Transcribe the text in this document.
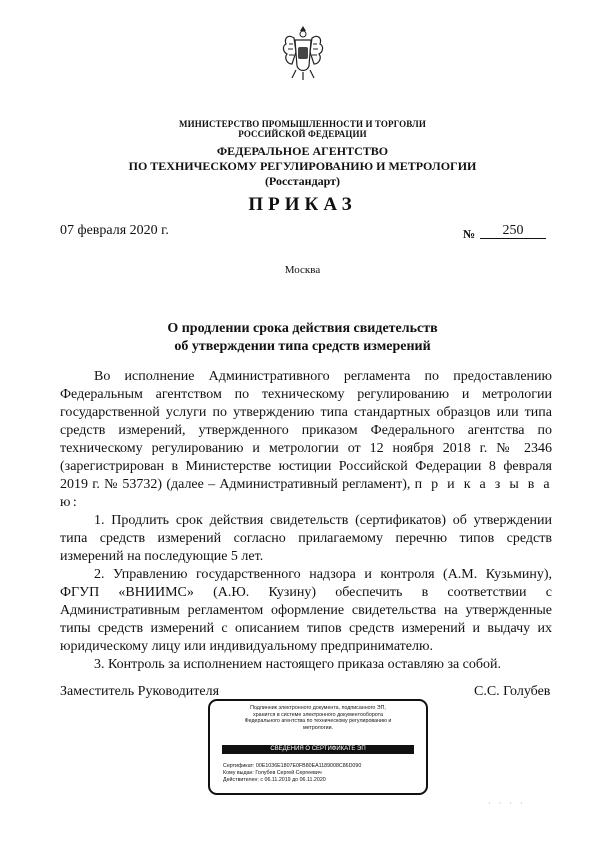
МИНИСТЕРСТВО ПРОМЫШЛЕННОСТИ И ТОРГОВЛИ
РОССИЙСКОЙ ФЕДЕРАЦИИ
ФЕДЕРАЛЬНОЕ АГЕНТСТВО
ПО ТЕХНИЧЕСКОМУ РЕГУЛИРОВАНИЮ И МЕТРОЛОГИИ
(Росстандарт)
ПРИКАЗ
07 февраля 2020 г.	№	250
Москва
О продлении срока действия свидетельств
об утверждении типа средств измерений

Во исполнение Административного регламента по предоставлению Федеральным агентством по техническому регулированию и метрологии государственной услуги по утверждению типа стандартных образцов или типа средств измерений, утвержденного приказом Федерального агентства по техническому регулированию и метрологии от 12 ноября 2018 г. № 2346 (зарегистрирован в Министерстве юстиции Российской Федерации 8 февраля 2019 г. № 53732) (далее – Административный регламент), п р и к а з ы в а ю:

1. Продлить срок действия свидетельств (сертификатов) об утверждении типа средств измерений согласно прилагаемому перечню типов средств измерений на последующие 5 лет.

2. Управлению государственного надзора и контроля (А.М. Кузьмину), ФГУП «ВНИИМС» (А.Ю. Кузину) обеспечить в соответствии с Административным регламентом оформление свидетельства на утвержденные типы средств измерений с описанием типов средств измерений и выдачу их юридическому лицу или индивидуальному предпринимателю.

3. Контроль за исполнением настоящего приказа оставляю за собой.

Заместитель Руководителя	С.С. Голубев
Подлинник электронного документа, подписанного ЭП,
хранится в системе электронного документооборота
Федерального агентства по техническому регулированию и
метрологии.
СВЕДЕНИЯ О СЕРТИФИКАТЕ ЭП
Сертификат: 00E1036E1807E0FB80EA1189008C86D090
Кому выдан: Голубев Сергей Сергеевич
Действителен: с 06.11.2019 до 06.11.2020
· · · ·
